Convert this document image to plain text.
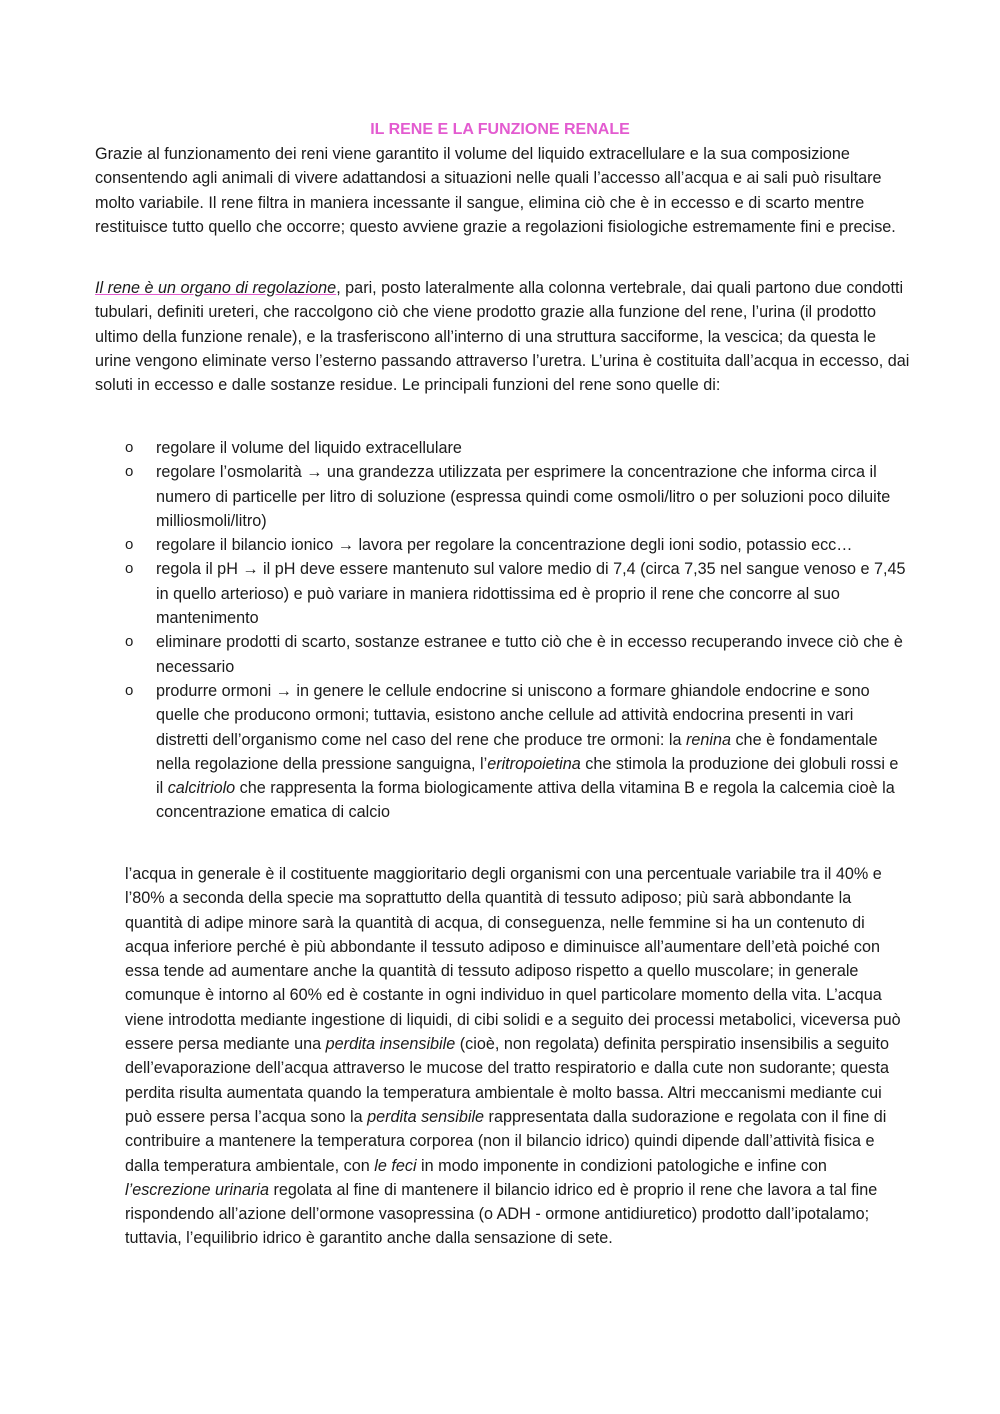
IL RENE E LA FUNZIONE RENALE

Grazie al funzionamento dei reni viene garantito il volume del liquido extracellulare e la sua composizione consentendo agli animali di vivere adattandosi a situazioni nelle quali l’accesso all’acqua e ai sali può risultare molto variabile. Il rene filtra in maniera incessante il sangue, elimina ciò che è in eccesso e di scarto mentre restituisce tutto quello che occorre; questo avviene grazie a regolazioni fisiologiche estremamente fini e precise.

Il rene è un organo di regolazione, pari, posto lateralmente alla colonna vertebrale, dai quali partono due condotti tubulari, definiti ureteri, che raccolgono ciò che viene prodotto grazie alla funzione del rene, l’urina (il prodotto ultimo della funzione renale), e la trasferiscono all’interno di una struttura sacciforme, la vescica; da questa le urine vengono eliminate verso l’esterno passando attraverso l’uretra. L’urina è costituita dall’acqua in eccesso, dai soluti in eccesso e dalle sostanze residue. Le principali funzioni del rene sono quelle di:

o regolare il volume del liquido extracellulare
o regolare l’osmolarità → una grandezza utilizzata per esprimere la concentrazione che informa circa il numero di particelle per litro di soluzione (espressa quindi come osmoli/litro o per soluzioni poco diluite milliosmoli/litro)
o regolare il bilancio ionico → lavora per regolare la concentrazione degli ioni sodio, potassio ecc…
o regola il pH → il pH deve essere mantenuto sul valore medio di 7,4 (circa 7,35 nel sangue venoso e 7,45 in quello arterioso) e può variare in maniera ridottissima ed è proprio il rene che concorre al suo mantenimento
o eliminare prodotti di scarto, sostanze estranee e tutto ciò che è in eccesso recuperando invece ciò che è necessario
o produrre ormoni → in genere le cellule endocrine si uniscono a formare ghiandole endocrine e sono quelle che producono ormoni; tuttavia, esistono anche cellule ad attività endocrina presenti in vari distretti dell’organismo come nel caso del rene che produce tre ormoni: la renina che è fondamentale nella regolazione della pressione sanguigna, l’eritropoietina che stimola la produzione dei globuli rossi e il calcitriolo che rappresenta la forma biologicamente attiva della vitamina B e regola la calcemia cioè la concentrazione ematica di calcio

l’acqua in generale è il costituente maggioritario degli organismi con una percentuale variabile tra il 40% e l’80% a seconda della specie ma soprattutto della quantità di tessuto adiposo; più sarà abbondante la quantità di adipe minore sarà la quantità di acqua, di conseguenza, nelle femmine si ha un contenuto di acqua inferiore perché è più abbondante il tessuto adiposo e diminuisce all’aumentare dell’età poiché con essa tende ad aumentare anche la quantità di tessuto adiposo rispetto a quello muscolare; in generale comunque è intorno al 60% ed è costante in ogni individuo in quel particolare momento della vita. L’acqua viene introdotta mediante ingestione di liquidi, di cibi solidi e a seguito dei processi metabolici, viceversa può essere persa mediante una perdita insensibile (cioè, non regolata) definita perspiratio insensibilis a seguito dell’evaporazione dell’acqua attraverso le mucose del tratto respiratorio e dalla cute non sudorante; questa perdita risulta aumentata quando la temperatura ambientale è molto bassa. Altri meccanismi mediante cui può essere persa l’acqua sono la perdita sensibile rappresentata dalla sudorazione e regolata con il fine di contribuire a mantenere la temperatura corporea (non il bilancio idrico) quindi dipende dall’attività fisica e dalla temperatura ambientale, con le feci in modo imponente in condizioni patologiche e infine con l’escrezione urinaria regolata al fine di mantenere il bilancio idrico ed è proprio il rene che lavora a tal fine rispondendo all’azione dell’ormone vasopressina (o ADH - ormone antidiuretico) prodotto dall’ipotalamo; tuttavia, l’equilibrio idrico è garantito anche dalla sensazione di sete.
